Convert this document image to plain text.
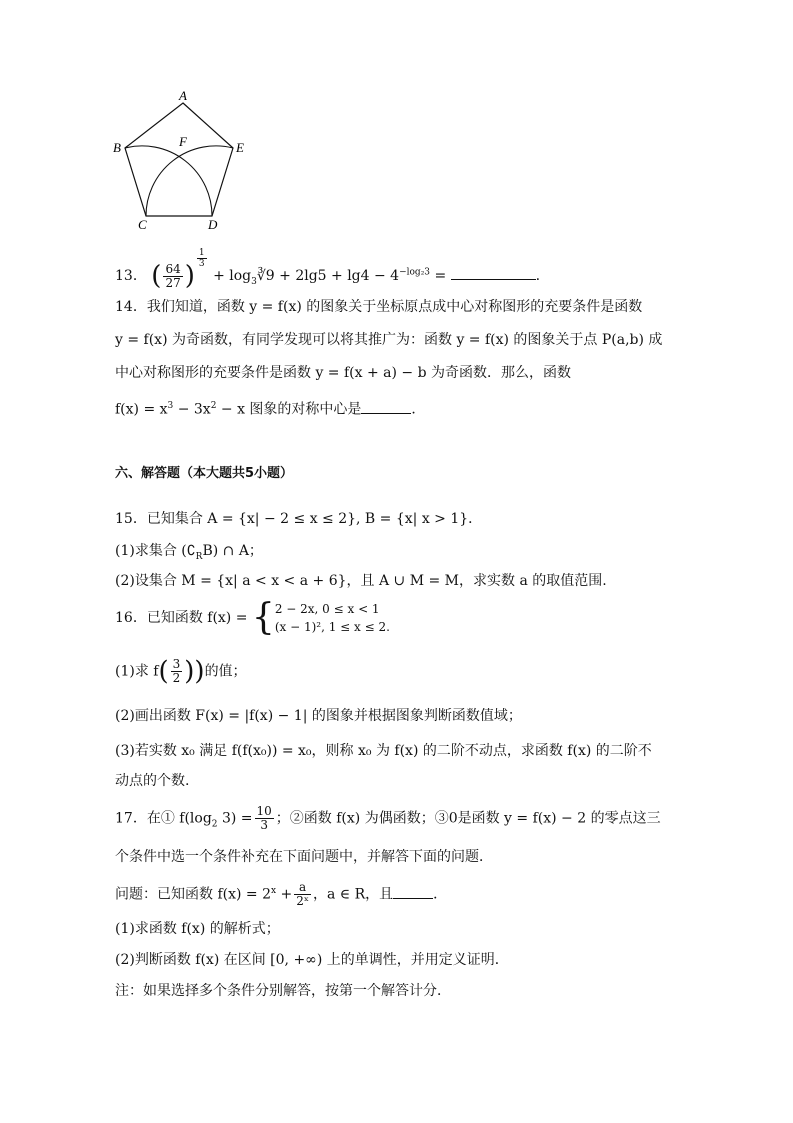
A
B	E
F
C	D
13． ( $\frac{64}{27}$ )
$^{\frac{1}{3}}$
+ $\log_3∛9 + 2\lg 5 + \lg 4 - 4^{-log_23}$ =	.
14．我们知道，函数 y = f(x) 的图象关于坐标原点成中心对称图形的充要条件是函数
y = f(x) 为奇函数，有同学发现可以将其推广为：函数 y = f(x) 的图象关于点 P(a,b) 成
中心对称图形的充要条件是函数 y = f(x + a) − b 为奇函数．那么，函数
$f(x) = x^3 - 3x^2 - x$ 图象的对称中心是	．
六、解答题（本大题共5小题）
15．已知集合 A = {x| − 2 ≤ x ≤ 2}, B = {x| x > 1}．
(1)求集合 $(∁_RB)$ ∩ A；
(2)设集合 M = {x| a < x < a + 6}，且 A ∪ M = M，求实数 a 的取值范围.
16．已知函数 f(x) = { 2 − 2x, 0 ≤ x < 1
(x − 1)², 1 ≤ x ≤ 2.
(1)求 $f( \frac{3}{2}$ ))的值；
(2)画出函数 F(x) = |f(x) − 1| 的图象并根据图象判断函数值域；
(3)若实数 x₀ 满足 f(f(x₀)) = x₀，则称 x₀ 为 f(x) 的二阶不动点，求函数 f(x) 的二阶不
动点的个数.
17．在① $f(\log_2$ $3) = \frac{10}{3}$ ；②函数 f(x) 为偶函数；③0是函数 y = f(x) − 2 的零点这三
个条件中选一个条件补充在下面问题中，并解答下面的问题．
问题：已知函数 $f(x) = 2^x + \frac{a}{\text{2ˣ}}$ ，a ∈ R，且	．
(1)求函数 f(x) 的解析式；
(2)判断函数 f(x) 在区间 [0, +∞) 上的单调性，并用定义证明．
注：如果选择多个条件分别解答，按第一个解答计分．
